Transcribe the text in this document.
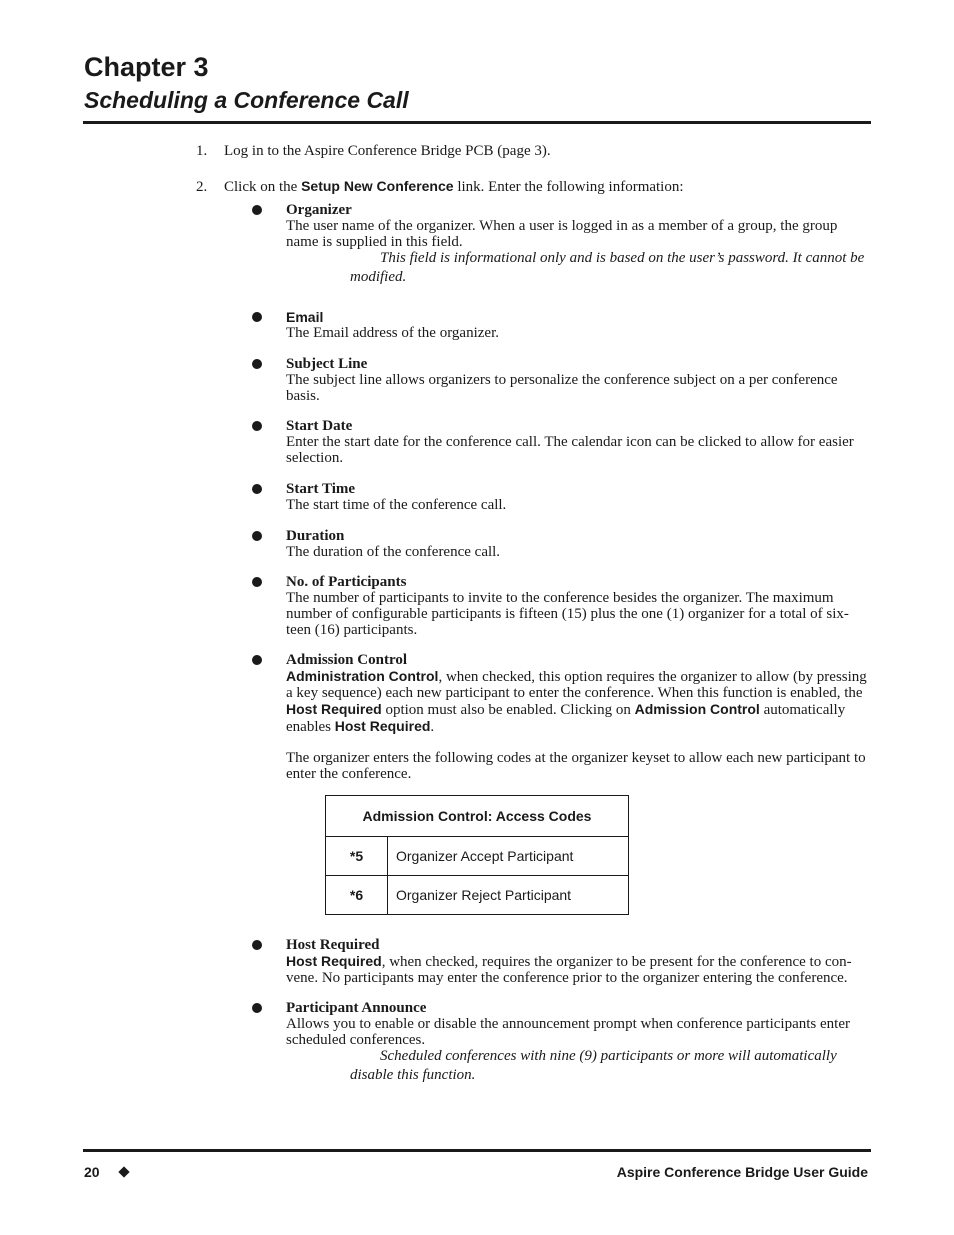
Chapter 3
Scheduling a Conference Call
1. Log in to the Aspire Conference Bridge PCB (page 3).
2. Click on the Setup New Conference link. Enter the following information:
Organizer
The user name of the organizer. When a user is logged in as a member of a group, the group name is supplied in this field.
This field is informational only and is based on the user’s password. It cannot be modified.
Email
The Email address of the organizer.
Subject Line
The subject line allows organizers to personalize the conference subject on a per conference basis.
Start Date
Enter the start date for the conference call. The calendar icon can be clicked to allow for easier selection.
Start Time
The start time of the conference call.
Duration
The duration of the conference call.
No. of Participants
The number of participants to invite to the conference besides the organizer. The maximum number of configurable participants is fifteen (15) plus the one (1) organizer for a total of six-teen (16) participants.
Admission Control
Administration Control, when checked, this option requires the organizer to allow (by pressing a key sequence) each new participant to enter the conference. When this function is enabled, the Host Required option must also be enabled. Clicking on Admission Control automatically enables Host Required.
The organizer enters the following codes at the organizer keyset to allow each new participant to enter the conference.
Admission Control: Access Codes	
*5	Organizer Accept Participant
*6	Organizer Reject Participant
Host Required
Host Required, when checked, requires the organizer to be present for the conference to con-vene. No participants may enter the conference prior to the organizer entering the conference.
Participant Announce
Allows you to enable or disable the announcement prompt when conference participants enter scheduled conferences.
Scheduled conferences with nine (9) participants or more will automatically disable this function.
20	Aspire Conference Bridge User Guide
